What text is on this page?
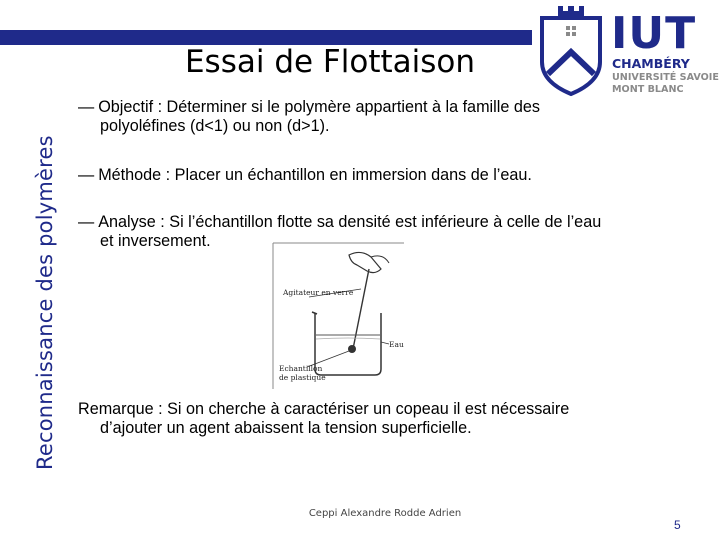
Reconnaissance des polymères
Essai de Flottaison
IUT
CHAMBÉRY
UNIVERSITÉ SAVOIE
MONT BLANC
— Objectif : Déterminer si le polymère appartient à la famille des
polyoléfines (d<1) ou non (d>1).
— Méthode : Placer un échantillon en immersion dans de l’eau.
— Analyse : Si l’échantillon flotte sa densité est inférieure à celle de l’eau
et inversement.
Agitateur en verre
Eau
Echantillon
de plastique
Remarque : Si on cherche à caractériser un copeau il est nécessaire
d’ajouter un agent abaissent la tension superficielle.
Ceppi Alexandre Rodde Adrien
5
